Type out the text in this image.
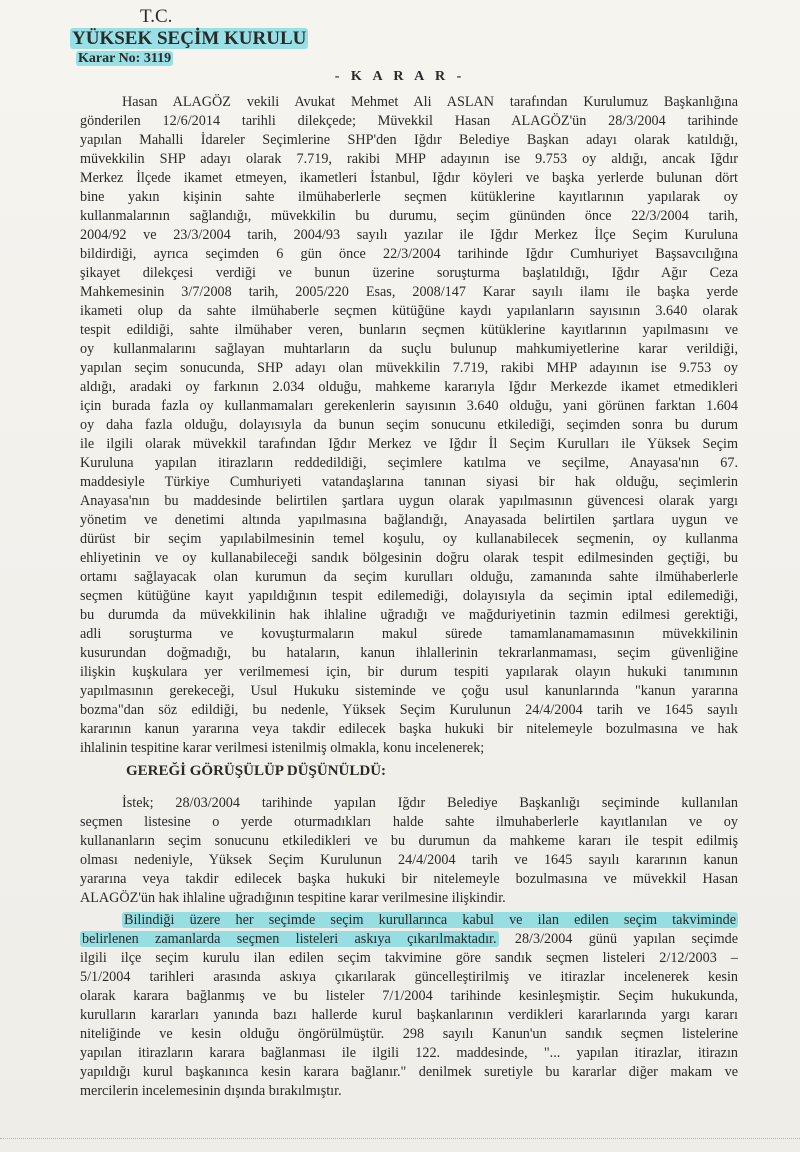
T.C.
YÜKSEK SEÇİM KURULU
Karar No: 3119
- K A R A R -
Hasan ALAGÖZ vekili Avukat Mehmet Ali ASLAN tarafından Kurulumuz Başkanlığına
gönderilen 12/6/2014 tarihli dilekçede; Müvekkil Hasan ALAGÖZ'ün 28/3/2004 tarihinde
yapılan Mahalli İdareler Seçimlerine SHP'den Iğdır Belediye Başkan adayı olarak katıldığı,
müvekkilin SHP adayı olarak 7.719, rakibi MHP adayının ise 9.753 oy aldığı, ancak Iğdır
Merkez İlçede ikamet etmeyen, ikametleri İstanbul, Iğdır köyleri ve başka yerlerde bulunan dört
bine yakın kişinin sahte ilmühaberlerle seçmen kütüklerine kayıtlarının yapılarak oy
kullanmalarının sağlandığı, müvekkilin bu durumu, seçim gününden önce 22/3/2004 tarih,
2004/92 ve 23/3/2004 tarih, 2004/93 sayılı yazılar ile Iğdır Merkez İlçe Seçim Kuruluna
bildirdiği, ayrıca seçimden 6 gün önce 22/3/2004 tarihinde Iğdır Cumhuriyet Başsavcılığına
şikayet dilekçesi verdiği ve bunun üzerine soruşturma başlatıldığı, Iğdır Ağır Ceza
Mahkemesinin 3/7/2008 tarih, 2005/220 Esas, 2008/147 Karar sayılı ilamı ile başka yerde
ikameti olup da sahte ilmühaberle seçmen kütüğüne kaydı yapılanların sayısının 3.640 olarak
tespit edildiği, sahte ilmühaber veren, bunların seçmen kütüklerine kayıtlarının yapılmasını ve
oy kullanmalarını sağlayan muhtarların da suçlu bulunup mahkumiyetlerine karar verildiği,
yapılan seçim sonucunda, SHP adayı olan müvekkilin 7.719, rakibi MHP adayının ise 9.753 oy
aldığı, aradaki oy farkının 2.034 olduğu, mahkeme kararıyla Iğdır Merkezde ikamet etmedikleri
için burada fazla oy kullanmamaları gerekenlerin sayısının 3.640 olduğu, yani görünen farktan 1.604
oy daha fazla olduğu, dolayısıyla da bunun seçim sonucunu etkilediği, seçimden sonra bu durum
ile ilgili olarak müvekkil tarafından Iğdır Merkez ve Iğdır İl Seçim Kurulları ile Yüksek Seçim
Kuruluna yapılan itirazların reddedildiği, seçimlere katılma ve seçilme, Anayasa'nın 67.
maddesiyle Türkiye Cumhuriyeti vatandaşlarına tanınan siyasi bir hak olduğu, seçimlerin
Anayasa'nın bu maddesinde belirtilen şartlara uygun olarak yapılmasının güvencesi olarak yargı
yönetim ve denetimi altında yapılmasına bağlandığı, Anayasada belirtilen şartlara uygun ve
dürüst bir seçim yapılabilmesinin temel koşulu, oy kullanabilecek seçmenin, oy kullanma
ehliyetinin ve oy kullanabileceği sandık bölgesinin doğru olarak tespit edilmesinden geçtiği, bu
ortamı sağlayacak olan kurumun da seçim kurulları olduğu, zamanında sahte ilmühaberlerle
seçmen kütüğüne kayıt yapıldığının tespit edilemediği, dolayısıyla da seçimin iptal edilemediği,
bu durumda da müvekkilinin hak ihlaline uğradığı ve mağduriyetinin tazmin edilmesi gerektiği,
adli soruşturma ve kovuşturmaların makul sürede tamamlanamamasının müvekkilinin
kusurundan doğmadığı, bu hataların, kanun ihlallerinin tekrarlanmaması, seçim güvenliğine
ilişkin kuşkulara yer verilmemesi için, bir durum tespiti yapılarak olayın hukuki tanımının
yapılmasının gerekeceği, Usul Hukuku sisteminde ve çoğu usul kanunlarında "kanun yararına
bozma"dan söz edildiği, bu nedenle, Yüksek Seçim Kurulunun 24/4/2004 tarih ve 1645 sayılı
kararının kanun yararına veya takdir edilecek başka hukuki bir nitelemeyle bozulmasına ve hak
ihlalinin tespitine karar verilmesi istenilmiş olmakla, konu incelenerek;
GEREĞİ GÖRÜŞÜLÜP DÜŞÜNÜLDÜ:
İstek; 28/03/2004 tarihinde yapılan Iğdır Belediye Başkanlığı seçiminde kullanılan
seçmen listesine o yerde oturmadıkları halde sahte ilmuhaberlerle kayıtlanılan ve oy
kullananların seçim sonucunu etkiledikleri ve bu durumun da mahkeme kararı ile tespit edilmiş
olması nedeniyle, Yüksek Seçim Kurulunun 24/4/2004 tarih ve 1645 sayılı kararının kanun
yararına veya takdir edilecek başka hukuki bir nitelemeyle bozulmasına ve müvekkil Hasan
ALAGÖZ'ün hak ihlaline uğradığının tespitine karar verilmesine ilişkindir.
Bilindiği üzere her seçimde seçim kurullarınca kabul ve ilan edilen seçim takviminde
belirlenen zamanlarda seçmen listeleri askıya çıkarılmaktadır. 28/3/2004 günü yapılan seçimde
ilgili ilçe seçim kurulu ilan edilen seçim takvimine göre sandık seçmen listeleri 2/12/2003 –
5/1/2004 tarihleri arasında askıya çıkarılarak güncelleştirilmiş ve itirazlar incelenerek kesin
olarak karara bağlanmış ve bu listeler 7/1/2004 tarihinde kesinleşmiştir. Seçim hukukunda,
kurulların kararları yanında bazı hallerde kurul başkanlarının verdikleri kararlarında yargı kararı
niteliğinde ve kesin olduğu öngörülmüştür. 298 sayılı Kanun'un sandık seçmen listelerine
yapılan itirazların karara bağlanması ile ilgili 122. maddesinde, "... yapılan itirazlar, itirazın
yapıldığı kurul başkanınca kesin karara bağlanır." denilmek suretiyle bu kararlar diğer makam ve
mercilerin incelemesinin dışında bırakılmıştır.
